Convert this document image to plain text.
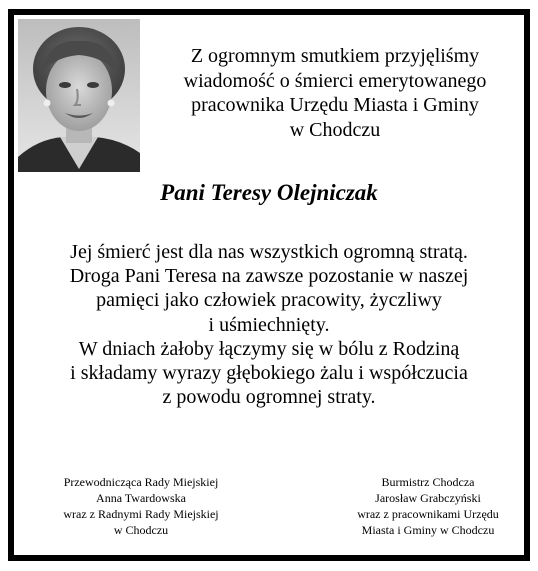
Z ogromnym smutkiem przyjęliśmy
wiadomość o śmierci emerytowanego
pracownika Urzędu Miasta i Gminy
w Chodczu
Pani Teresy Olejniczak
Jej śmierć jest dla nas wszystkich ogromną stratą.
Droga Pani Teresa na zawsze pozostanie w naszej
pamięci jako człowiek pracowity, życzliwy
i uśmiechnięty.
W dniach żałoby łączymy się w bólu z Rodziną
i składamy wyrazy głębokiego żalu i współczucia
z powodu ogromnej straty.
Przewodnicząca Rady Miejskiej
Anna Twardowska
wraz z Radnymi Rady Miejskiej
w Chodczu
Burmistrz Chodcza
Jarosław Grabczyński
wraz z pracownikami Urzędu
Miasta i Gminy w Chodczu
